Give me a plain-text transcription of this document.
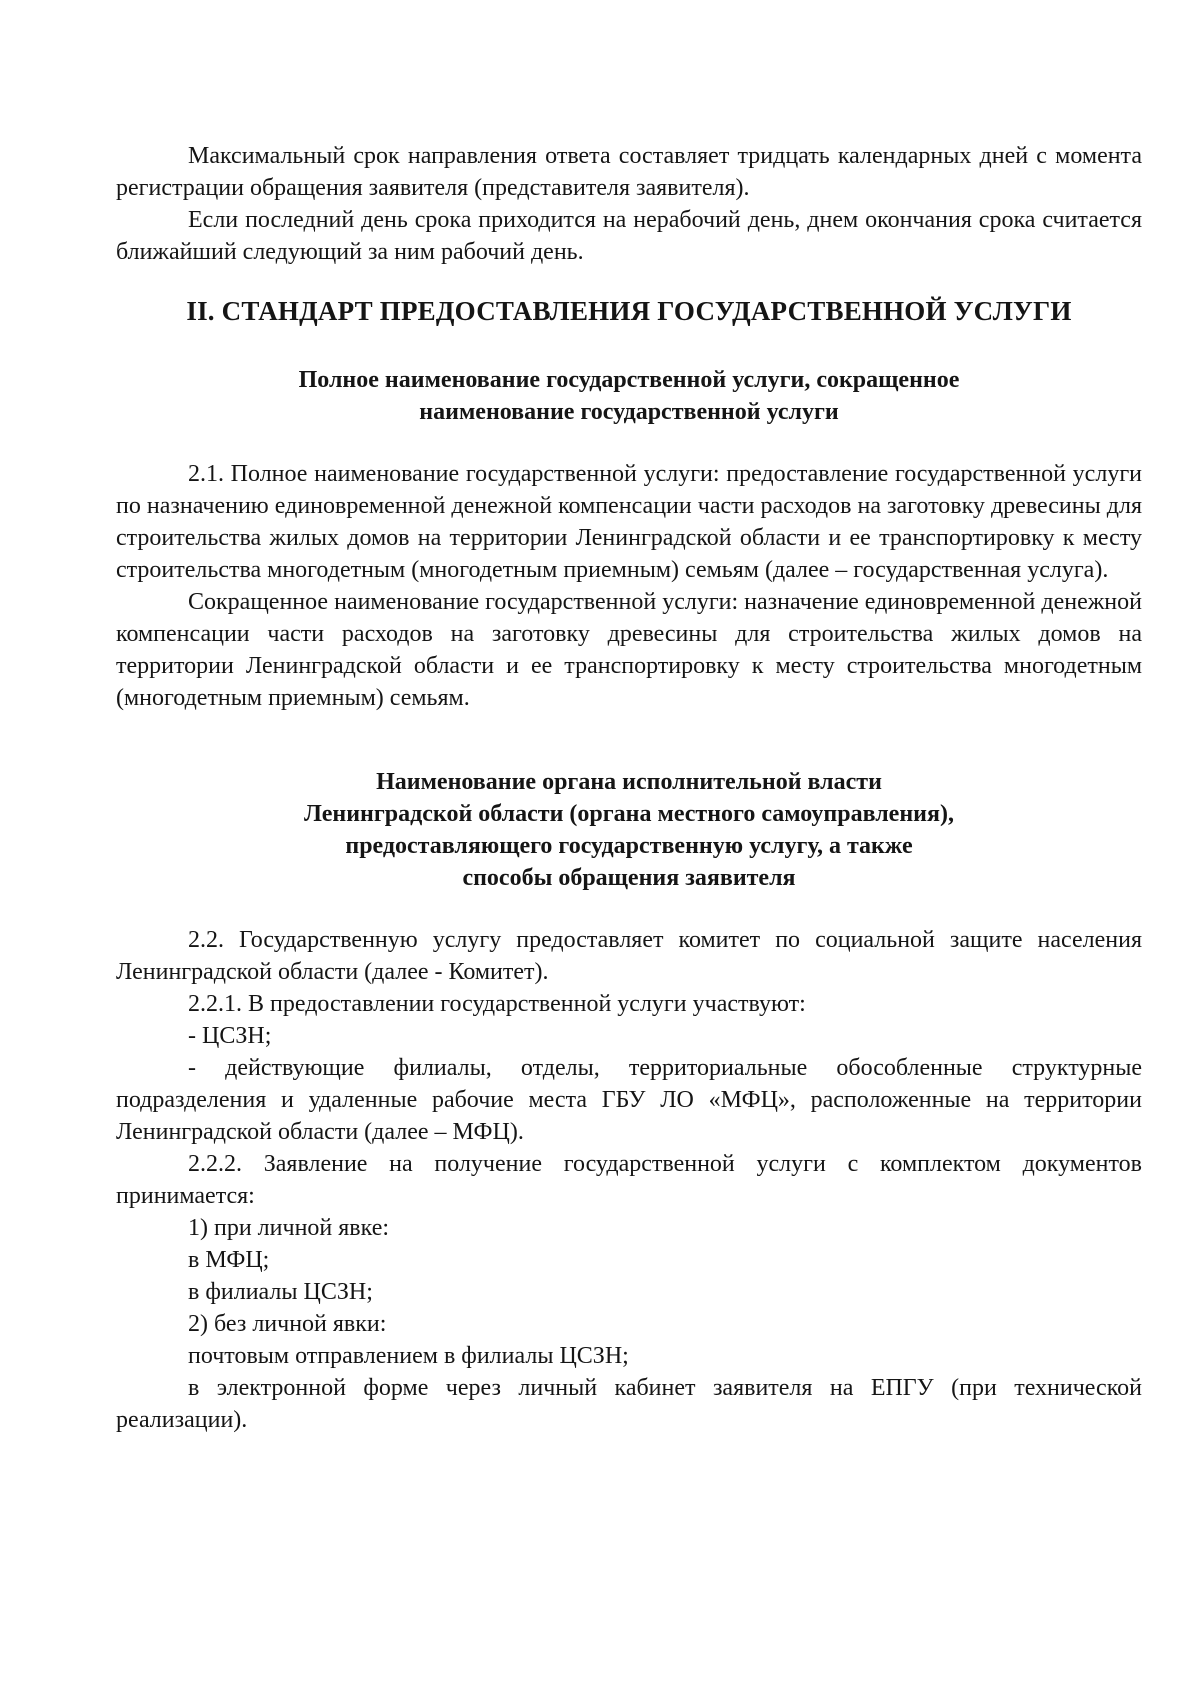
Максимальный срок направления ответа составляет тридцать календарных дней с момента регистрации обращения заявителя (представителя заявителя).

Если последний день срока приходится на нерабочий день, днем окончания срока считается ближайший следующий за ним рабочий день.

II. СТАНДАРТ ПРЕДОСТАВЛЕНИЯ ГОСУДАРСТВЕННОЙ УСЛУГИ
Полное наименование государственной услуги, сокращенное
наименование государственной услуги

2.1. Полное наименование государственной услуги: предоставление государственной услуги по назначению единовременной денежной компенсации части расходов на заготовку древесины для строительства жилых домов на территории Ленинградской области и ее транспортировку к месту строительства многодетным (многодетным приемным) семьям (далее – государственная услуга).

Сокращенное наименование государственной услуги: назначение единовременной денежной компенсации части расходов на заготовку древесины для строительства жилых домов на территории Ленинградской области и ее транспортировку к месту строительства многодетным (многодетным приемным) семьям.

Наименование органа исполнительной власти
Ленинградской области (органа местного самоуправления),
предоставляющего государственную услугу, а также
способы обращения заявителя

2.2. Государственную услугу предоставляет комитет по социальной защите населения Ленинградской области (далее - Комитет).

2.2.1. В предоставлении государственной услуги участвуют:

- ЦСЗН;

- действующие филиалы, отделы, территориальные обособленные структурные подразделения и удаленные рабочие места ГБУ ЛО «МФЦ», расположенные на территории Ленинградской области (далее – МФЦ).

2.2.2. Заявление на получение государственной услуги с комплектом документов принимается:

1) при личной явке:

в МФЦ;

в филиалы ЦСЗН;

2) без личной явки:

почтовым отправлением в филиалы ЦСЗН;

в электронной форме через личный кабинет заявителя на ЕПГУ (при технической реализации).
